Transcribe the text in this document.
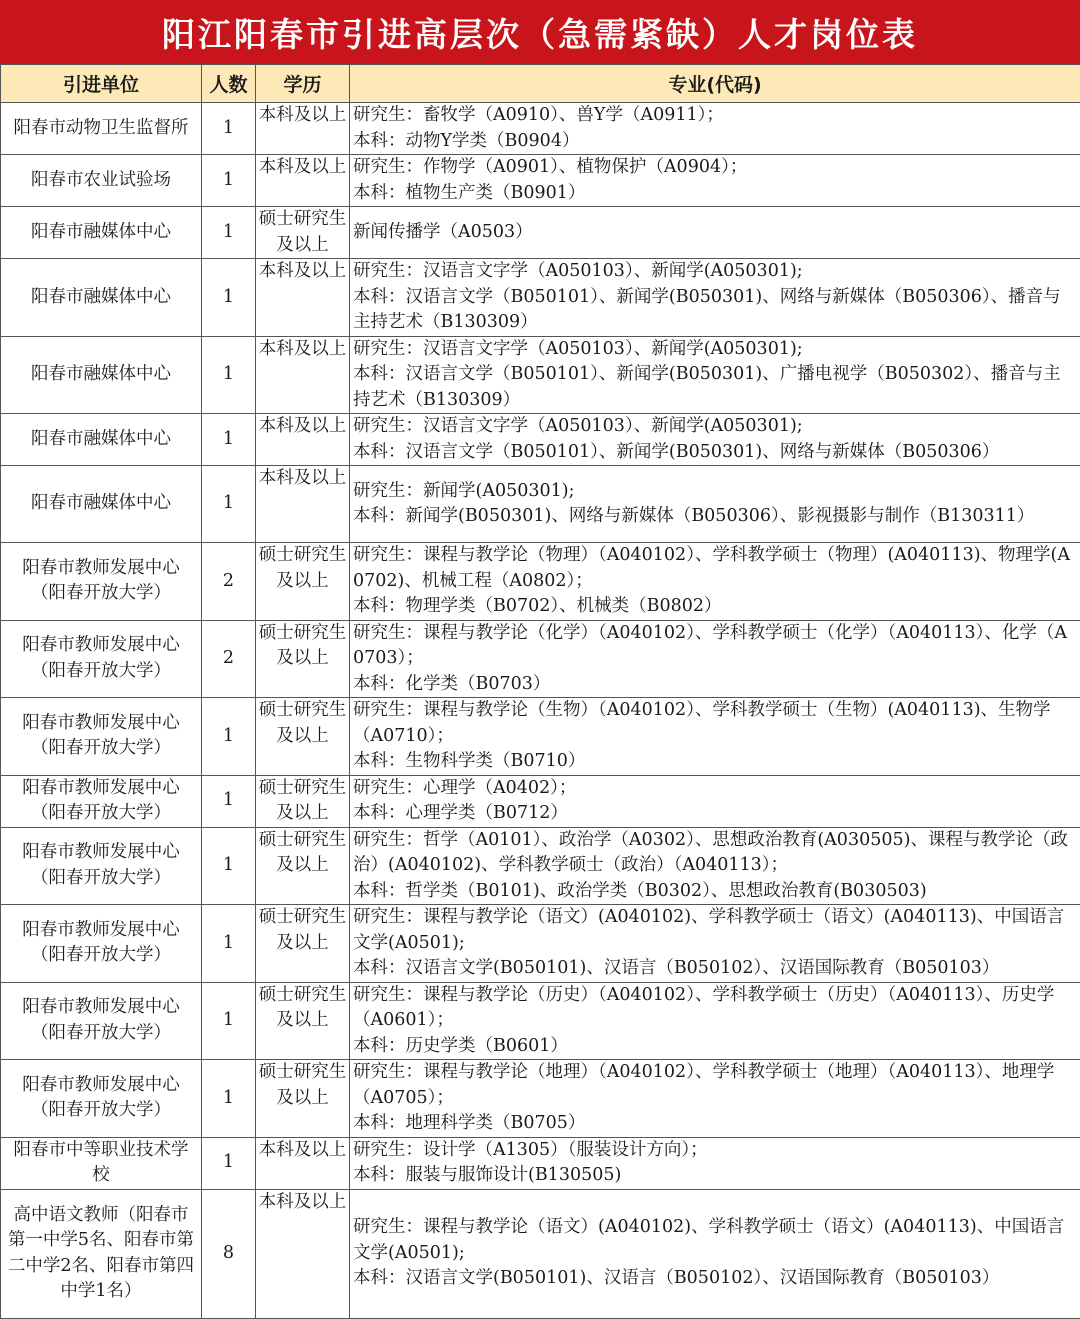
阳江阳春市引进高层次（急需紧缺）人才岗位表
引进单位	人数	学历	专业(代码)
阳春市动物卫生监督所	1	本科及以上	研究生：畜牧学（A0910）、兽Y学（A0911）；
本科：动物Y学类（B0904）

阳春市农业试验场	1	本科及以上	研究生：作物学（A0901）、植物保护（A0904）；
本科：植物生产类（B0901）

阳春市融媒体中心	1	硕士研究生及以上	新闻传播学（A0503）

阳春市融媒体中心	1	本科及以上	研究生：汉语言文字学（A050103）、新闻学(A050301);
本科：汉语言文学（B050101）、新闻学(B050301)、网络与新媒体（B050306）、播音与主持艺术（B130309）

阳春市融媒体中心	1	本科及以上	研究生：汉语言文字学（A050103）、新闻学(A050301);
本科：汉语言文学（B050101）、新闻学(B050301)、广播电视学（B050302）、播音与主持艺术（B130309）

阳春市融媒体中心	1	本科及以上	研究生：汉语言文字学（A050103）、新闻学(A050301);
本科：汉语言文学（B050101）、新闻学(B050301)、网络与新媒体（B050306）

阳春市融媒体中心	1	本科及以上	研究生：新闻学(A050301);
本科：新闻学(B050301)、网络与新媒体（B050306）、影视摄影与制作（B130311）

阳春市教师发展中心（阳春开放大学）	2	硕士研究生及以上	研究生：课程与教学论（物理）（A040102）、学科教学硕士（物理）(A040113)、物理学(A0702)、机械工程（A0802）；
本科：物理学类（B0702）、机械类（B0802）

阳春市教师发展中心（阳春开放大学）	2	硕士研究生及以上	研究生：课程与教学论（化学）（A040102）、学科教学硕士（化学）（A040113）、化学（A0703）；
本科：化学类（B0703）

阳春市教师发展中心（阳春开放大学）	1	硕士研究生及以上	研究生：课程与教学论（生物）（A040102）、学科教学硕士（生物）(A040113)、生物学（A0710）；
本科：生物科学类（B0710）

阳春市教师发展中心（阳春开放大学）	1	硕士研究生及以上	研究生：心理学（A0402）；
本科：心理学类（B0712）

阳春市教师发展中心（阳春开放大学）	1	硕士研究生及以上	研究生：哲学（A0101）、政治学（A0302）、思想政治教育(A030505)、课程与教学论（政治）(A040102)、学科教学硕士（政治）（A040113）；
本科：哲学类（B0101)、政治学类（B0302）、思想政治教育(B030503)

阳春市教师发展中心（阳春开放大学）	1	硕士研究生及以上	研究生：课程与教学论（语文）(A040102)、学科教学硕士（语文）(A040113)、中国语言文学(A0501);
本科：汉语言文学(B050101)、汉语言（B050102）、汉语国际教育（B050103）

阳春市教师发展中心（阳春开放大学）	1	硕士研究生及以上	研究生：课程与教学论（历史）（A040102）、学科教学硕士（历史）（A040113）、历史学（A0601）；
本科：历史学类（B0601）

阳春市教师发展中心（阳春开放大学）	1	硕士研究生及以上	研究生：课程与教学论（地理）（A040102）、学科教学硕士（地理）（A040113）、地理学（A0705）；
本科：地理科学类（B0705）

阳春市中等职业技术学校	1	本科及以上	研究生：设计学（A1305）（服装设计方向）；
本科：服装与服饰设计(B130505)

高中语文教师（阳春市第一中学5名、阳春市第二中学2名、阳春市第四中学1名）	8	本科及以上	研究生：课程与教学论（语文）(A040102)、学科教学硕士（语文）(A040113)、中国语言文学(A0501);
本科：汉语言文学(B050101)、汉语言（B050102）、汉语国际教育（B050103）
